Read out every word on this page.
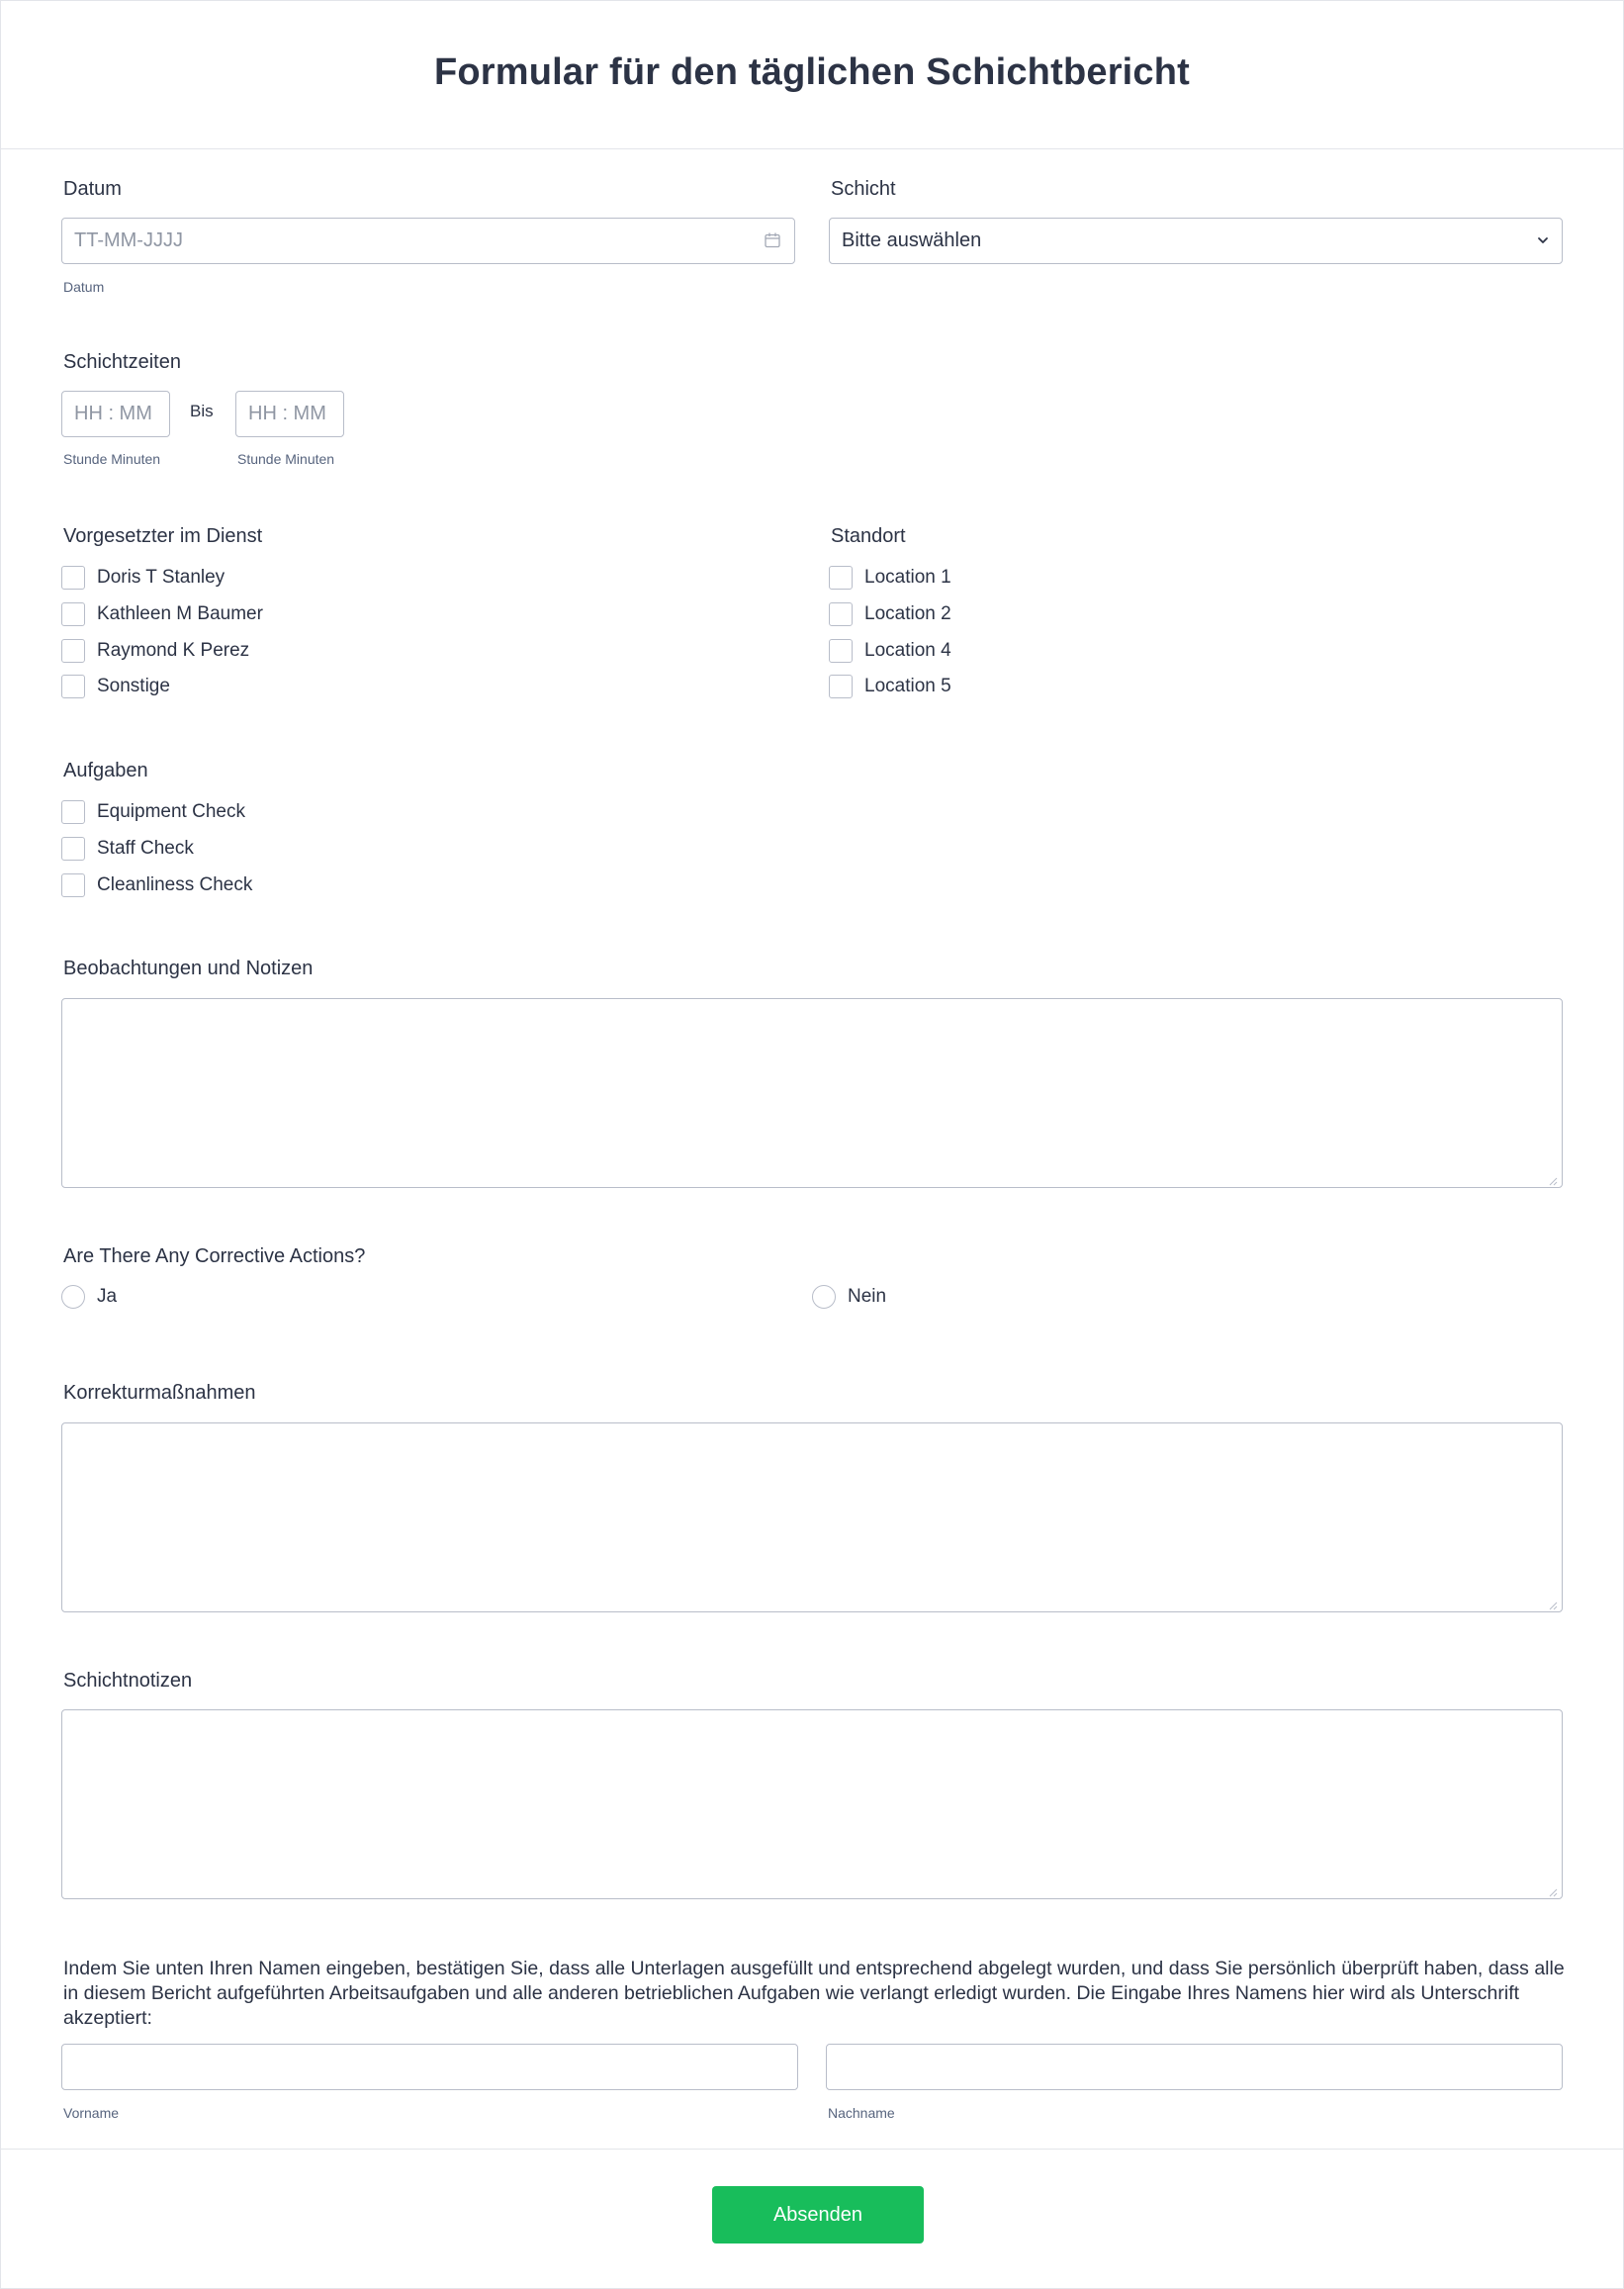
Formular für den täglichen Schichtbericht
Datum
TT-MM-JJJJ
Datum
Schicht
Bitte auswählen
Schichtzeiten
HH : MM Bis HH : MM
Stunde Minuten	Stunde Minuten
Vorgesetzter im Dienst
Doris T Stanley
Kathleen M Baumer
Raymond K Perez
Sonstige
Standort
Location 1
Location 2
Location 4
Location 5
Aufgaben
Equipment Check
Staff Check
Cleanliness Check
Beobachtungen und Notizen
Are There Any Corrective Actions?
Ja	Nein
Korrekturmaßnahmen
Schichtnotizen
Indem Sie unten Ihren Namen eingeben, bestätigen Sie, dass alle Unterlagen ausgefüllt und entsprechend abgelegt wurden, und dass Sie persönlich überprüft haben, dass alle in diesem Bericht aufgeführten Arbeitsaufgaben und alle anderen betrieblichen Aufgaben wie verlangt erledigt wurden. Die Eingabe Ihres Namens hier wird als Unterschrift akzeptiert:
Vorname	Nachname
Absenden
